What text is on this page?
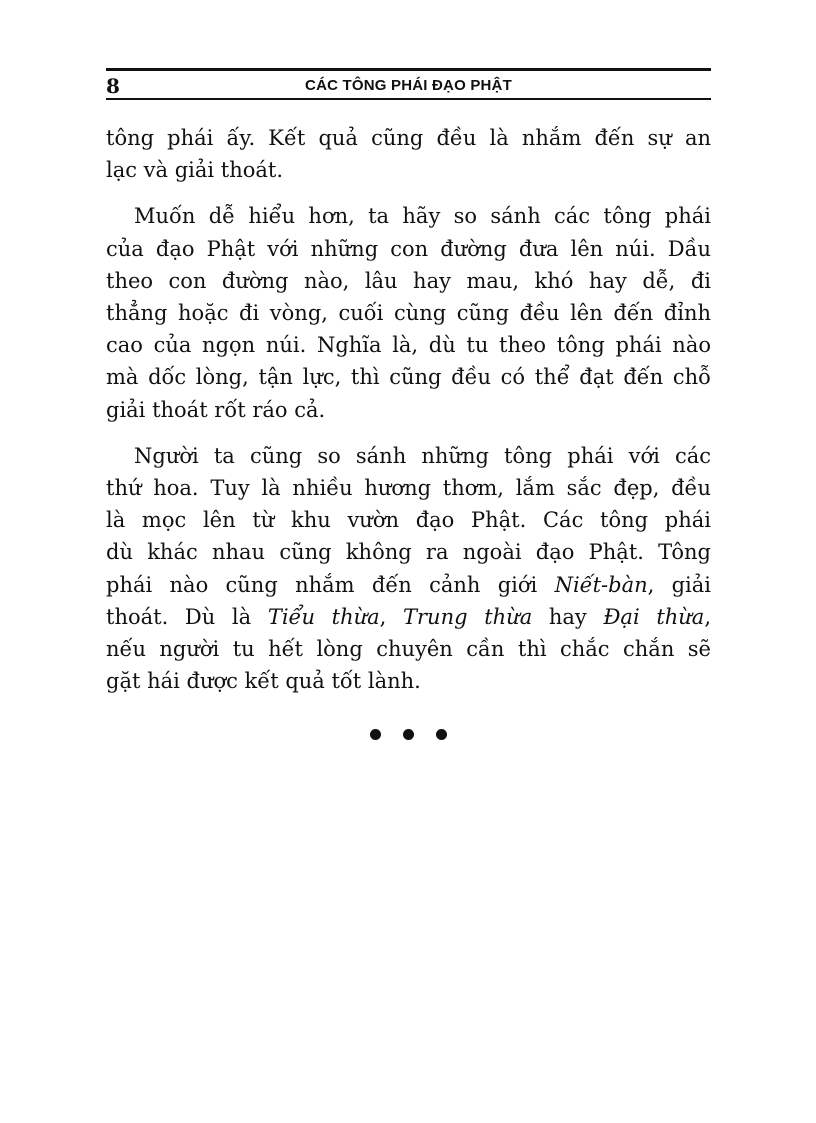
8	CÁC TÔNG PHÁI ĐẠO PHẬT

tông phái ấy. Kết quả cũng đều là nhắm đến sự an
lạc và giải thoát.

Muốn dễ hiểu hơn, ta hãy so sánh các tông phái
của đạo Phật với những con đường đưa lên núi. Dầu
theo con đường nào, lâu hay mau, khó hay dễ, đi
thẳng hoặc đi vòng, cuối cùng cũng đều lên đến đỉnh
cao của ngọn núi. Nghĩa là, dù tu theo tông phái nào
mà dốc lòng, tận lực, thì cũng đều có thể đạt đến chỗ
giải thoát rốt ráo cả.

Người ta cũng so sánh những tông phái với các
thứ hoa. Tuy là nhiều hương thơm, lắm sắc đẹp, đều
là mọc lên từ khu vườn đạo Phật. Các tông phái
dù khác nhau cũng không ra ngoài đạo Phật. Tông
phái nào cũng nhắm đến cảnh giới Niết-bàn, giải
thoát. Dù là Tiểu thừa, Trung thừa hay Đại thừa,
nếu người tu hết lòng chuyên cần thì chắc chắn sẽ
gặt hái được kết quả tốt lành.
